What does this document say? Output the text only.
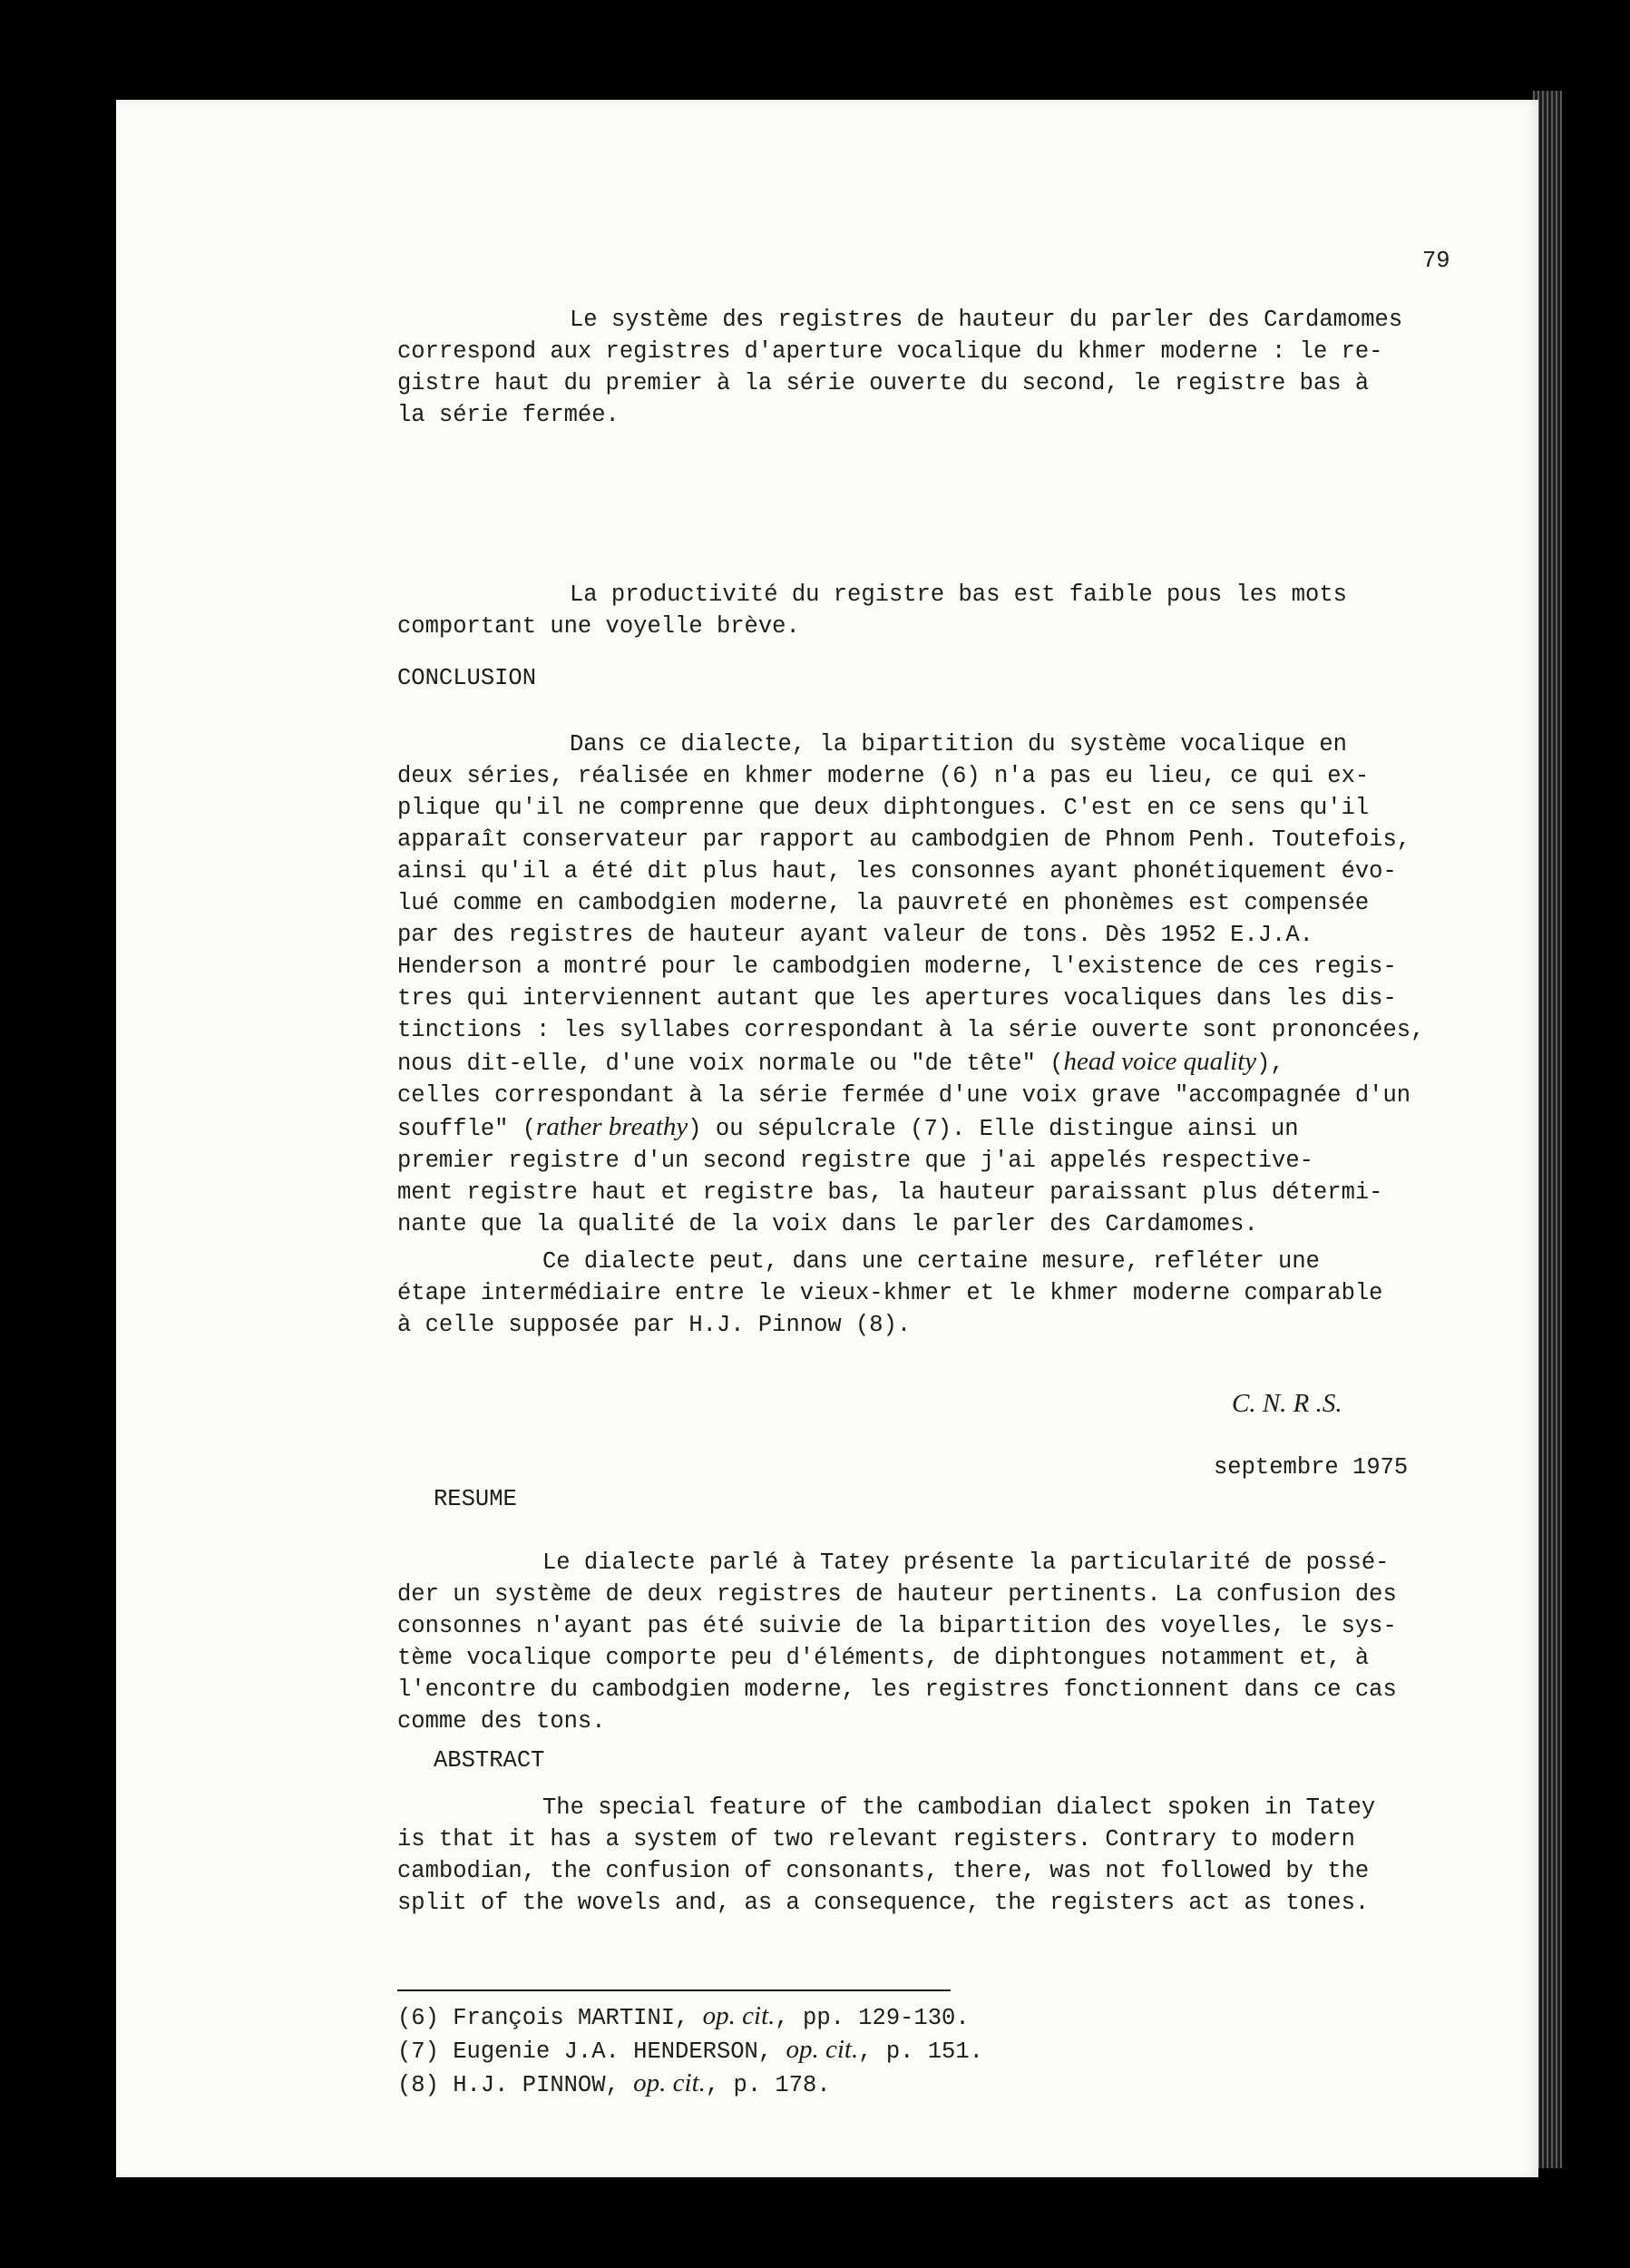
79

Le système des registres de hauteur du parler des Cardamomes
correspond aux registres d'aperture vocalique du khmer moderne : le re-
gistre haut du premier à la série ouverte du second, le registre bas à
la série fermée.

La productivité du registre bas est faible pous les mots
comportant une voyelle brève.

CONCLUSION

Dans ce dialecte, la bipartition du système vocalique en
deux séries, réalisée en khmer moderne (6) n'a pas eu lieu, ce qui ex-
plique qu'il ne comprenne que deux diphtongues. C'est en ce sens qu'il
apparaît conservateur par rapport au cambodgien de Phnom Penh. Toutefois,
ainsi qu'il a été dit plus haut, les consonnes ayant phonétiquement évo-
lué comme en cambodgien moderne, la pauvreté en phonèmes est compensée
par des registres de hauteur ayant valeur de tons. Dès 1952 E.J.A.
Henderson a montré pour le cambodgien moderne, l'existence de ces regis-
tres qui interviennent autant que les apertures vocaliques dans les dis-
tinctions : les syllabes correspondant à la série ouverte sont prononcées,
nous dit-elle, d'une voix normale ou "de tête" (head voice quality),
celles correspondant à la série fermée d'une voix grave "accompagnée d'un
souffle" (rather breathy) ou sépulcrale (7). Elle distingue ainsi un
premier registre d'un second registre que j'ai appelés respective-
ment registre haut et registre bas, la hauteur paraissant plus détermi-
nante que la qualité de la voix dans le parler des Cardamomes.

Ce dialecte peut, dans une certaine mesure, refléter une
étape intermédiaire entre le vieux-khmer et le khmer moderne comparable
à celle supposée par H.J. Pinnow (8).

C. N. R .S.
septembre 1975
RESUME

Le dialecte parlé à Tatey présente la particularité de possé-
der un système de deux registres de hauteur pertinents. La confusion des
consonnes n'ayant pas été suivie de la bipartition des voyelles, le sys-
tème vocalique comporte peu d'éléments, de diphtongues notamment et, à
l'encontre du cambodgien moderne, les registres fonctionnent dans ce cas
comme des tons.

ABSTRACT

The special feature of the cambodian dialect spoken in Tatey
is that it has a system of two relevant registers. Contrary to modern
cambodian, the confusion of consonants, there, was not followed by the
split of the wovels and, as a consequence, the registers act as tones.

(6) François MARTINI, op. cit., pp. 129-130.
(7) Eugenie J.A. HENDERSON, op. cit., p. 151.
(8) H.J. PINNOW, op. cit., p. 178.
